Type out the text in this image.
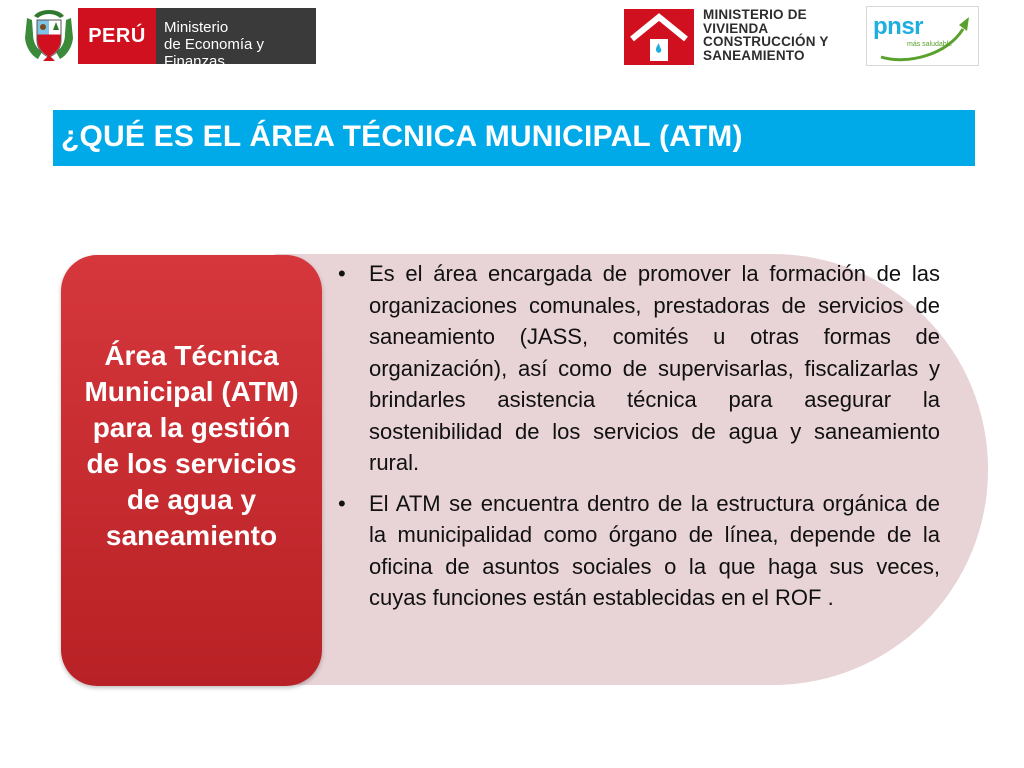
PERÚ	Ministerio
de Economía y Finanzas
MINISTERIO DE
VIVIENDA
CONSTRUCCIÓN Y
SANEAMIENTO
pnsr
más saludable
¿QUÉ ES EL ÁREA TÉCNICA MUNICIPAL (ATM)
• Es el área encargada de promover la formación de las organizaciones comunales, prestadoras de servicios de saneamiento (JASS, comités u otras formas de organización), así como de supervisarlas, fiscalizarlas y brindarles asistencia técnica para asegurar la sostenibilidad de los servicios de agua y saneamiento rural.
• El ATM se encuentra dentro de la estructura orgánica de la municipalidad como órgano de línea, depende de la oficina de asuntos sociales o la que haga sus veces, cuyas funciones están establecidas en el ROF .
Área Técnica Municipal (ATM) para la gestión de los servicios de agua y saneamiento
